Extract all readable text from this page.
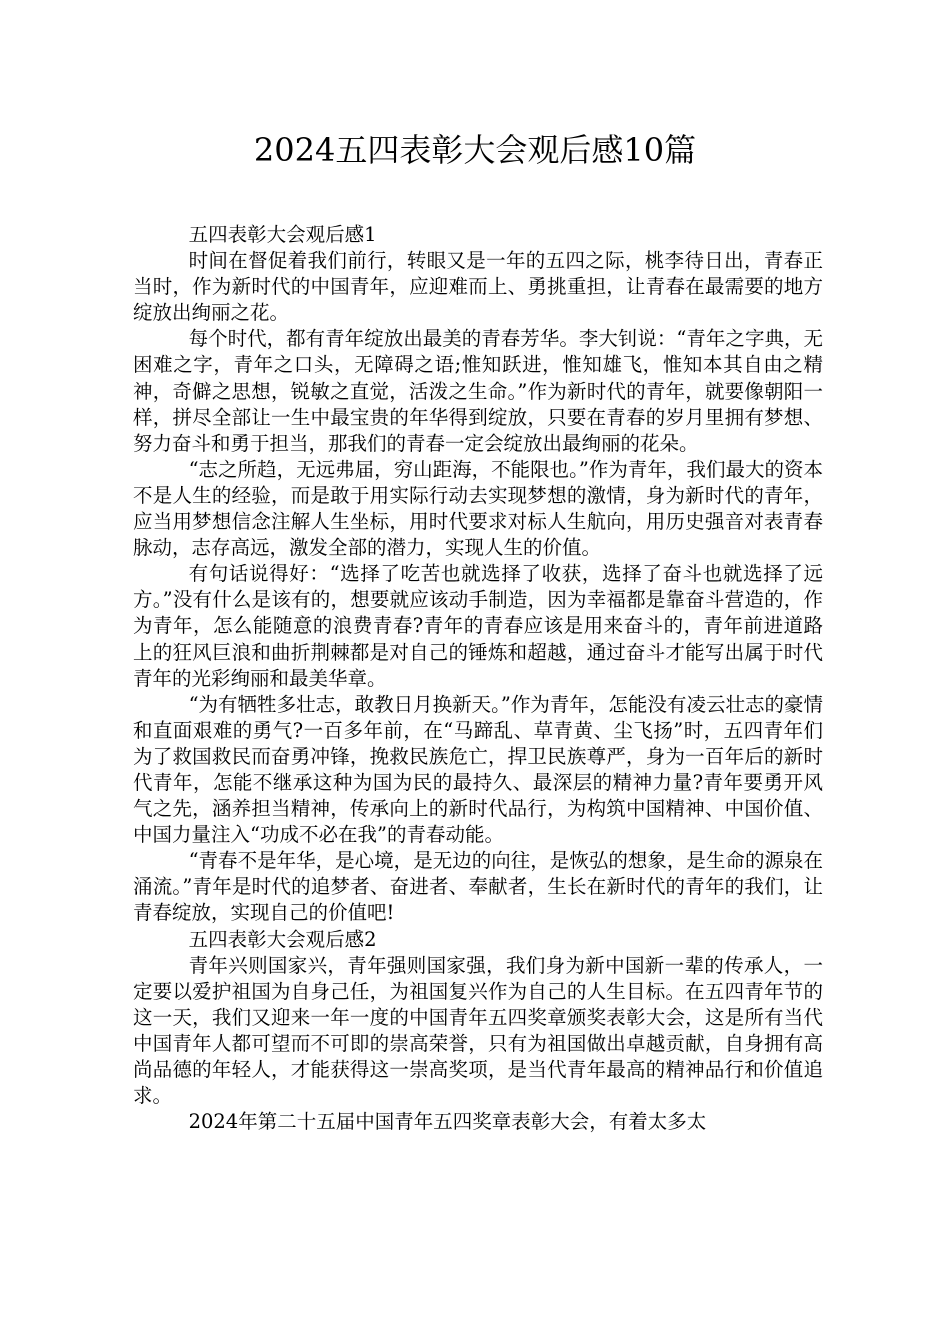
2024五四表彰大会观后感10篇

五四表彰大会观后感1

时间在督促着我们前行，转眼又是一年的五四之际，桃李待日出，青春正当时，作为新时代的中国青年，应迎难而上、勇挑重担，让青春在最需要的地方绽放出绚丽之花。

每个时代，都有青年绽放出最美的青春芳华。李大钊说：“青年之字典，无困难之字，青年之口头，无障碍之语;惟知跃进，惟知雄飞，惟知本其自由之精神，奇僻之思想，锐敏之直觉，活泼之生命。”作为新时代的青年，就要像朝阳一样，拼尽全部让一生中最宝贵的年华得到绽放，只要在青春的岁月里拥有梦想、努力奋斗和勇于担当，那我们的青春一定会绽放出最绚丽的花朵。

“志之所趋，无远弗届，穷山距海，不能限也。”作为青年，我们最大的资本不是人生的经验，而是敢于用实际行动去实现梦想的激情，身为新时代的青年，应当用梦想信念注解人生坐标，用时代要求对标人生航向，用历史强音对表青春脉动，志存高远，激发全部的潜力，实现人生的价值。

有句话说得好：“选择了吃苦也就选择了收获，选择了奋斗也就选择了远方。”没有什么是该有的，想要就应该动手制造，因为幸福都是靠奋斗营造的，作为青年，怎么能随意的浪费青春?青年的青春应该是用来奋斗的，青年前进道路上的狂风巨浪和曲折荆棘都是对自己的锤炼和超越，通过奋斗才能写出属于时代青年的光彩绚丽和最美华章。

“为有牺牲多壮志，敢教日月换新天。”作为青年，怎能没有凌云壮志的豪情和直面艰难的勇气?一百多年前，在“马蹄乱、草青黄、尘飞扬”时，五四青年们为了救国救民而奋勇冲锋，挽救民族危亡，捍卫民族尊严，身为一百年后的新时代青年，怎能不继承这种为国为民的最持久、最深层的精神力量?青年要勇开风气之先，涵养担当精神，传承向上的新时代品行，为构筑中国精神、中国价值、中国力量注入“功成不必在我”的青春动能。

“青春不是年华，是心境，是无边的向往，是恢弘的想象，是生命的源泉在涌流。”青年是时代的追梦者、奋进者、奉献者，生长在新时代的青年的我们，让青春绽放，实现自己的价值吧!

五四表彰大会观后感2

青年兴则国家兴，青年强则国家强，我们身为新中国新一辈的传承人，一定要以爱护祖国为自身己任，为祖国复兴作为自己的人生目标。在五四青年节的这一天，我们又迎来一年一度的中国青年五四奖章颁奖表彰大会，这是所有当代中国青年人都可望而不可即的崇高荣誉，只有为祖国做出卓越贡献，自身拥有高尚品德的年轻人，才能获得这一崇高奖项，是当代青年最高的精神品行和价值追求。

2024年第二十五届中国青年五四奖章表彰大会，有着太多太
